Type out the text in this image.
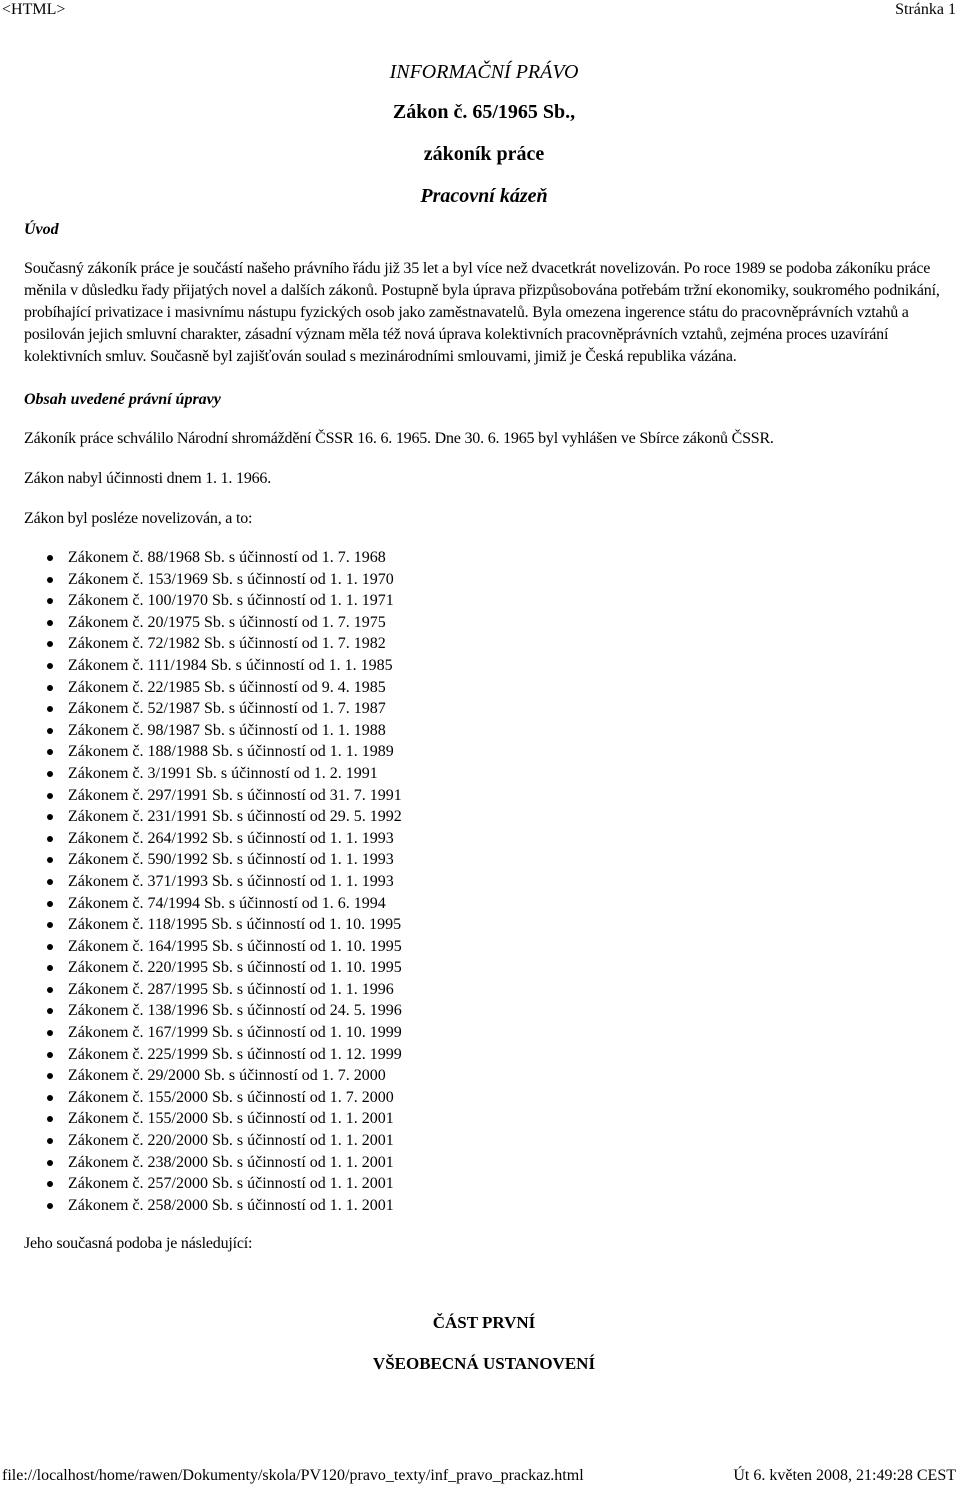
<HTML>	Stránka 1

INFORMAČNÍ PRÁVO

Zákon č. 65/1965 Sb.,

zákoník práce

Pracovní kázeň

Úvod

Současný zákoník práce je součástí našeho právního řádu již 35 let a byl více než dvacetkrát novelizován. Po roce 1989 se podoba zákoníku práce měnila v důsledku řady přijatých novel a dalších zákonů. Postupně byla úprava přizpůsobována potřebám tržní ekonomiky, soukromého podnikání, probíhající privatizace i masivnímu nástupu fyzických osob jako zaměstnavatelů. Byla omezena ingerence státu do pracovněprávních vztahů a posilován jejich smluvní charakter, zásadní význam měla též nová úprava kolektivních pracovněprávních vztahů, zejména proces uzavírání kolektivních smluv. Současně byl zajišťován soulad s mezinárodními smlouvami, jimiž je Česká republika vázána.

Obsah uvedené právní úpravy

Zákoník práce schválilo Národní shromáždění ČSSR 16. 6. 1965. Dne 30. 6. 1965 byl vyhlášen ve Sbírce zákonů ČSSR.

Zákon nabyl účinnosti dnem 1. 1. 1966.

Zákon byl posléze novelizován, a to:

Zákonem č. 88/1968 Sb. s účinností od 1. 7. 1968
Zákonem č. 153/1969 Sb. s účinností od 1. 1. 1970
Zákonem č. 100/1970 Sb. s účinností od 1. 1. 1971
Zákonem č. 20/1975 Sb. s účinností od 1. 7. 1975
Zákonem č. 72/1982 Sb. s účinností od 1. 7. 1982
Zákonem č. 111/1984 Sb. s účinností od 1. 1. 1985
Zákonem č. 22/1985 Sb. s účinností od 9. 4. 1985
Zákonem č. 52/1987 Sb. s účinností od 1. 7. 1987
Zákonem č. 98/1987 Sb. s účinností od 1. 1. 1988
Zákonem č. 188/1988 Sb. s účinností od 1. 1. 1989
Zákonem č. 3/1991 Sb. s účinností od 1. 2. 1991
Zákonem č. 297/1991 Sb. s účinností od 31. 7. 1991
Zákonem č. 231/1991 Sb. s účinností od 29. 5. 1992
Zákonem č. 264/1992 Sb. s účinností od 1. 1. 1993
Zákonem č. 590/1992 Sb. s účinností od 1. 1. 1993
Zákonem č. 371/1993 Sb. s účinností od 1. 1. 1993
Zákonem č. 74/1994 Sb. s účinností od 1. 6. 1994
Zákonem č. 118/1995 Sb. s účinností od 1. 10. 1995
Zákonem č. 164/1995 Sb. s účinností od 1. 10. 1995
Zákonem č. 220/1995 Sb. s účinností od 1. 10. 1995
Zákonem č. 287/1995 Sb. s účinností od 1. 1. 1996
Zákonem č. 138/1996 Sb. s účinností od 24. 5. 1996
Zákonem č. 167/1999 Sb. s účinností od 1. 10. 1999
Zákonem č. 225/1999 Sb. s účinností od 1. 12. 1999
Zákonem č. 29/2000 Sb. s účinností od 1. 7. 2000
Zákonem č. 155/2000 Sb. s účinností od 1. 7. 2000
Zákonem č. 155/2000 Sb. s účinností od 1. 1. 2001
Zákonem č. 220/2000 Sb. s účinností od 1. 1. 2001
Zákonem č. 238/2000 Sb. s účinností od 1. 1. 2001
Zákonem č. 257/2000 Sb. s účinností od 1. 1. 2001
Zákonem č. 258/2000 Sb. s účinností od 1. 1. 2001

Jeho současná podoba je následující:

ČÁST PRVNÍ

VŠEOBECNÁ USTANOVENÍ

file://localhost/home/rawen/Dokumenty/skola/PV120/pravo_texty/inf_pravo_prackaz.html	Út 6. květen 2008, 21:49:28 CEST
